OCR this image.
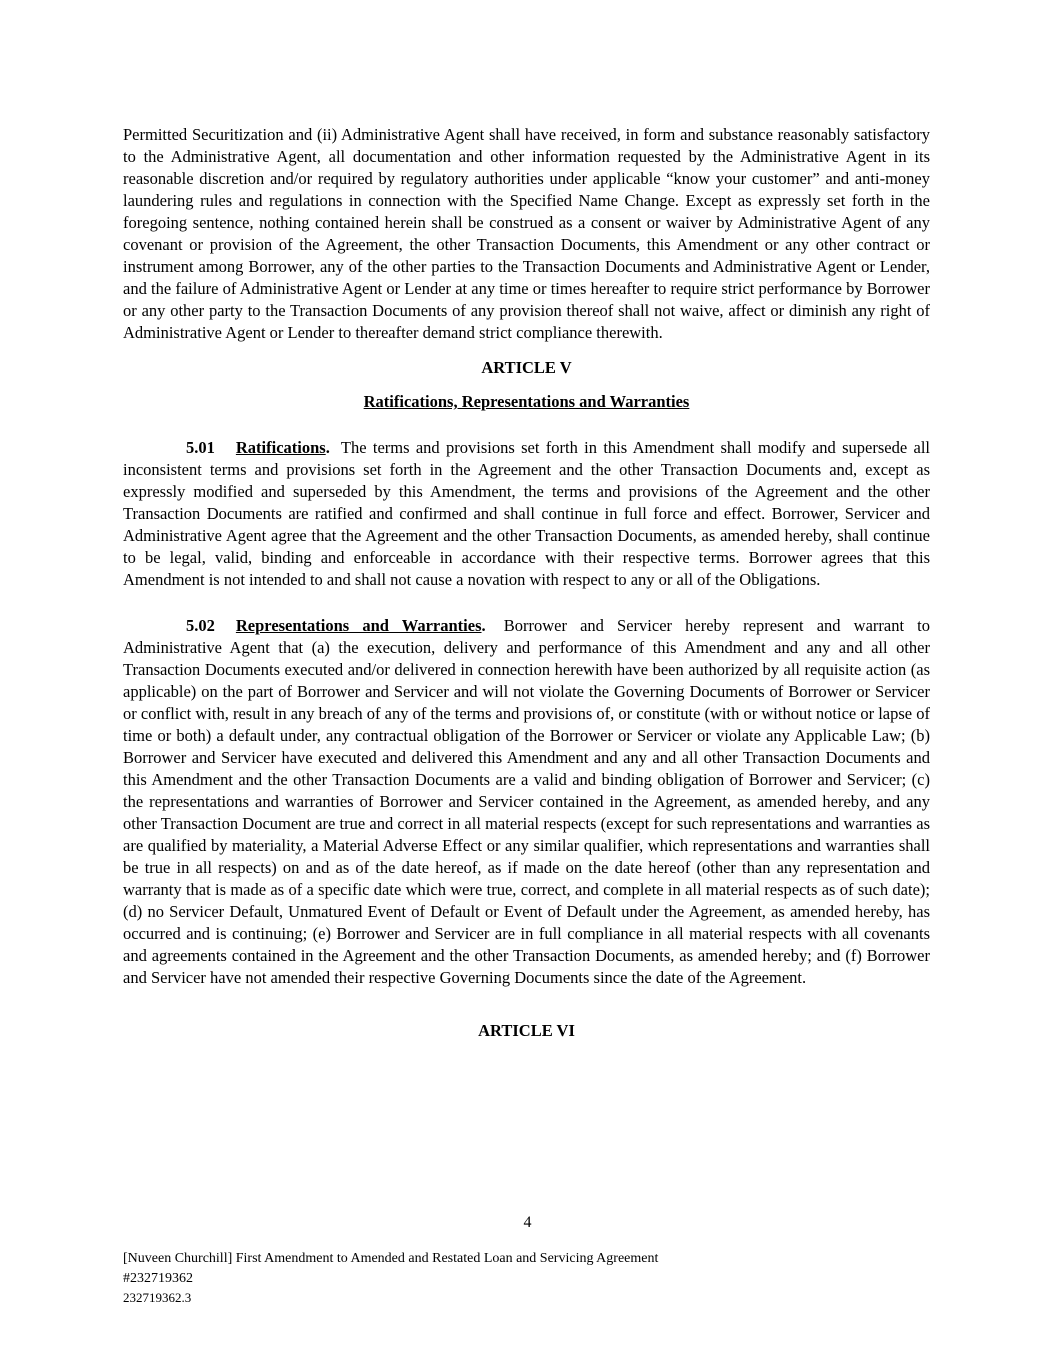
Permitted Securitization and (ii) Administrative Agent shall have received, in form and substance reasonably satisfactory to the Administrative Agent, all documentation and other information requested by the Administrative Agent in its reasonable discretion and/or required by regulatory authorities under applicable “know your customer” and anti-money laundering rules and regulations in connection with the Specified Name Change. Except as expressly set forth in the foregoing sentence, nothing contained herein shall be construed as a consent or waiver by Administrative Agent of any covenant or provision of the Agreement, the other Transaction Documents, this Amendment or any other contract or instrument among Borrower, any of the other parties to the Transaction Documents and Administrative Agent or Lender, and the failure of Administrative Agent or Lender at any time or times hereafter to require strict performance by Borrower or any other party to the Transaction Documents of any provision thereof shall not waive, affect or diminish any right of Administrative Agent or Lender to thereafter demand strict compliance therewith.

ARTICLE V
Ratifications, Representations and Warranties

5.01 Ratifications. The terms and provisions set forth in this Amendment shall modify and supersede all inconsistent terms and provisions set forth in the Agreement and the other Transaction Documents and, except as expressly modified and superseded by this Amendment, the terms and provisions of the Agreement and the other Transaction Documents are ratified and confirmed and shall continue in full force and effect. Borrower, Servicer and Administrative Agent agree that the Agreement and the other Transaction Documents, as amended hereby, shall continue to be legal, valid, binding and enforceable in accordance with their respective terms. Borrower agrees that this Amendment is not intended to and shall not cause a novation with respect to any or all of the Obligations.

5.02 Representations and Warranties. Borrower and Servicer hereby represent and warrant to Administrative Agent that (a) the execution, delivery and performance of this Amendment and any and all other Transaction Documents executed and/or delivered in connection herewith have been authorized by all requisite action (as applicable) on the part of Borrower and Servicer and will not violate the Governing Documents of Borrower or Servicer or conflict with, result in any breach of any of the terms and provisions of, or constitute (with or without notice or lapse of time or both) a default under, any contractual obligation of the Borrower or Servicer or violate any Applicable Law; (b) Borrower and Servicer have executed and delivered this Amendment and any and all other Transaction Documents and this Amendment and the other Transaction Documents are a valid and binding obligation of Borrower and Servicer; (c) the representations and warranties of Borrower and Servicer contained in the Agreement, as amended hereby, and any other Transaction Document are true and correct in all material respects (except for such representations and warranties as are qualified by materiality, a Material Adverse Effect or any similar qualifier, which representations and warranties shall be true in all respects) on and as of the date hereof, as if made on the date hereof (other than any representation and warranty that is made as of a specific date which were true, correct, and complete in all material respects as of such date); (d) no Servicer Default, Unmatured Event of Default or Event of Default under the Agreement, as amended hereby, has occurred and is continuing; (e) Borrower and Servicer are in full compliance in all material respects with all covenants and agreements contained in the Agreement and the other Transaction Documents, as amended hereby; and (f) Borrower and Servicer have not amended their respective Governing Documents since the date of the Agreement.

ARTICLE VI
4
[Nuveen Churchill] First Amendment to Amended and Restated Loan and Servicing Agreement
#232719362
232719362.3
